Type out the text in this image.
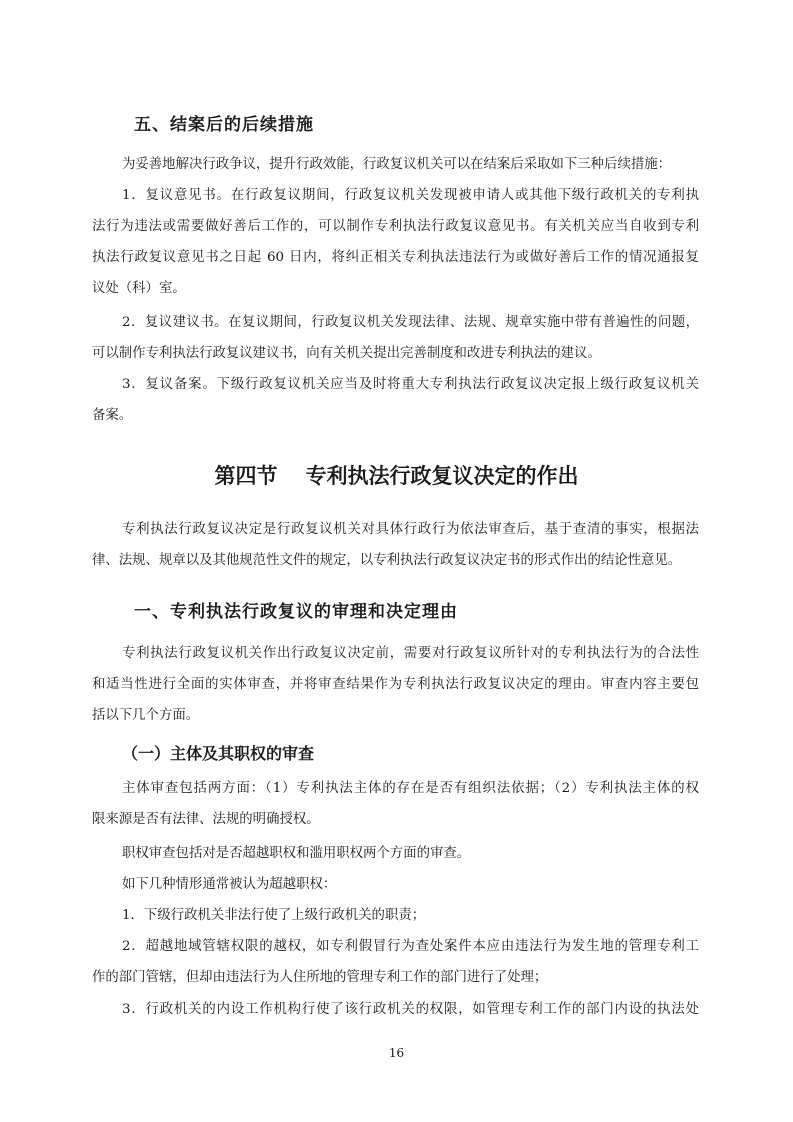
五、结案后的后续措施
为妥善地解决行政争议，提升行政效能，行政复议机关可以在结案后采取如下三种后续措施：
1．复议意见书。在行政复议期间，行政复议机关发现被申请人或其他下级行政机关的专利执
法行为违法或需要做好善后工作的，可以制作专利执法行政复议意见书。有关机关应当自收到专利
执法行政复议意见书之日起 60 日内，将纠正相关专利执法违法行为或做好善后工作的情况通报复
议处（科）室。
2．复议建议书。在复议期间，行政复议机关发现法律、法规、规章实施中带有普遍性的问题，
可以制作专利执法行政复议建议书，向有关机关提出完善制度和改进专利执法的建议。
3．复议备案。下级行政复议机关应当及时将重大专利执法行政复议决定报上级行政复议机关
备案。
第四节 专利执法行政复议决定的作出
专利执法行政复议决定是行政复议机关对具体行政行为依法审查后，基于查清的事实，根据法
律、法规、规章以及其他规范性文件的规定，以专利执法行政复议决定书的形式作出的结论性意见。
一、专利执法行政复议的审理和决定理由
专利执法行政复议机关作出行政复议决定前，需要对行政复议所针对的专利执法行为的合法性
和适当性进行全面的实体审查，并将审查结果作为专利执法行政复议决定的理由。审查内容主要包
括以下几个方面。
（一）主体及其职权的审查
主体审查包括两方面：（1）专利执法主体的存在是否有组织法依据；（2）专利执法主体的权
限来源是否有法律、法规的明确授权。
职权审查包括对是否超越职权和滥用职权两个方面的审查。
如下几种情形通常被认为超越职权：
1．下级行政机关非法行使了上级行政机关的职责；
2．超越地域管辖权限的越权，如专利假冒行为查处案件本应由违法行为发生地的管理专利工
作的部门管辖，但却由违法行为人住所地的管理专利工作的部门进行了处理；
3．行政机关的内设工作机构行使了该行政机关的权限，如管理专利工作的部门内设的执法处
16
